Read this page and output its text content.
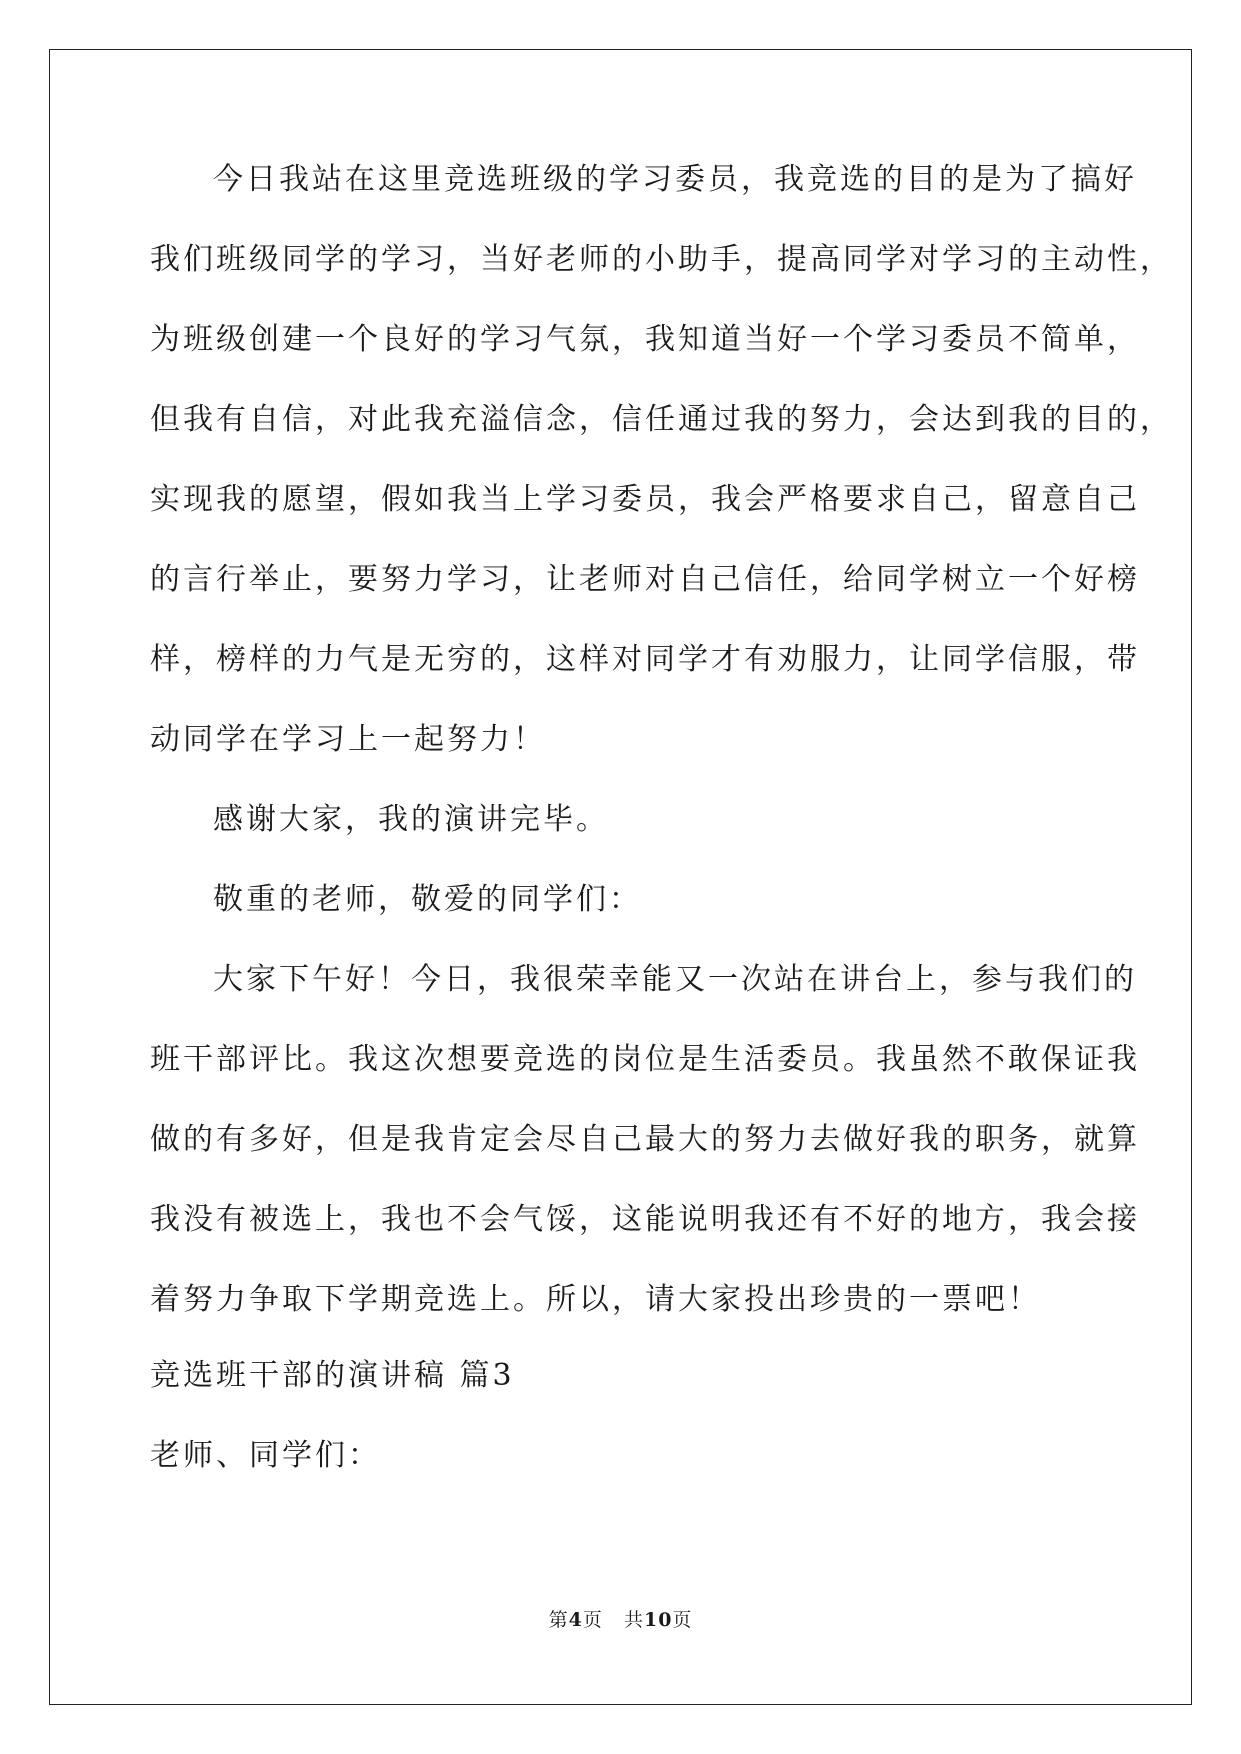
今日我站在这里竞选班级的学习委员，我竞选的目的是为了搞好
我们班级同学的学习，当好老师的小助手，提高同学对学习的主动性，
为班级创建一个良好的学习气氛，我知道当好一个学习委员不简单，
但我有自信，对此我充溢信念，信任通过我的努力，会达到我的目的，
实现我的愿望，假如我当上学习委员，我会严格要求自己，留意自己
的言行举止，要努力学习，让老师对自己信任，给同学树立一个好榜
样，榜样的力气是无穷的，这样对同学才有劝服力，让同学信服，带
动同学在学习上一起努力！
感谢大家，我的演讲完毕。
敬重的老师，敬爱的同学们：
大家下午好！今日，我很荣幸能又一次站在讲台上，参与我们的
班干部评比。我这次想要竞选的岗位是生活委员。我虽然不敢保证我
做的有多好，但是我肯定会尽自己最大的努力去做好我的职务，就算
我没有被选上，我也不会气馁，这能说明我还有不好的地方，我会接
着努力争取下学期竞选上。所以，请大家投出珍贵的一票吧！
竞选班干部的演讲稿 篇3
老师、同学们：
第4页 共10页
